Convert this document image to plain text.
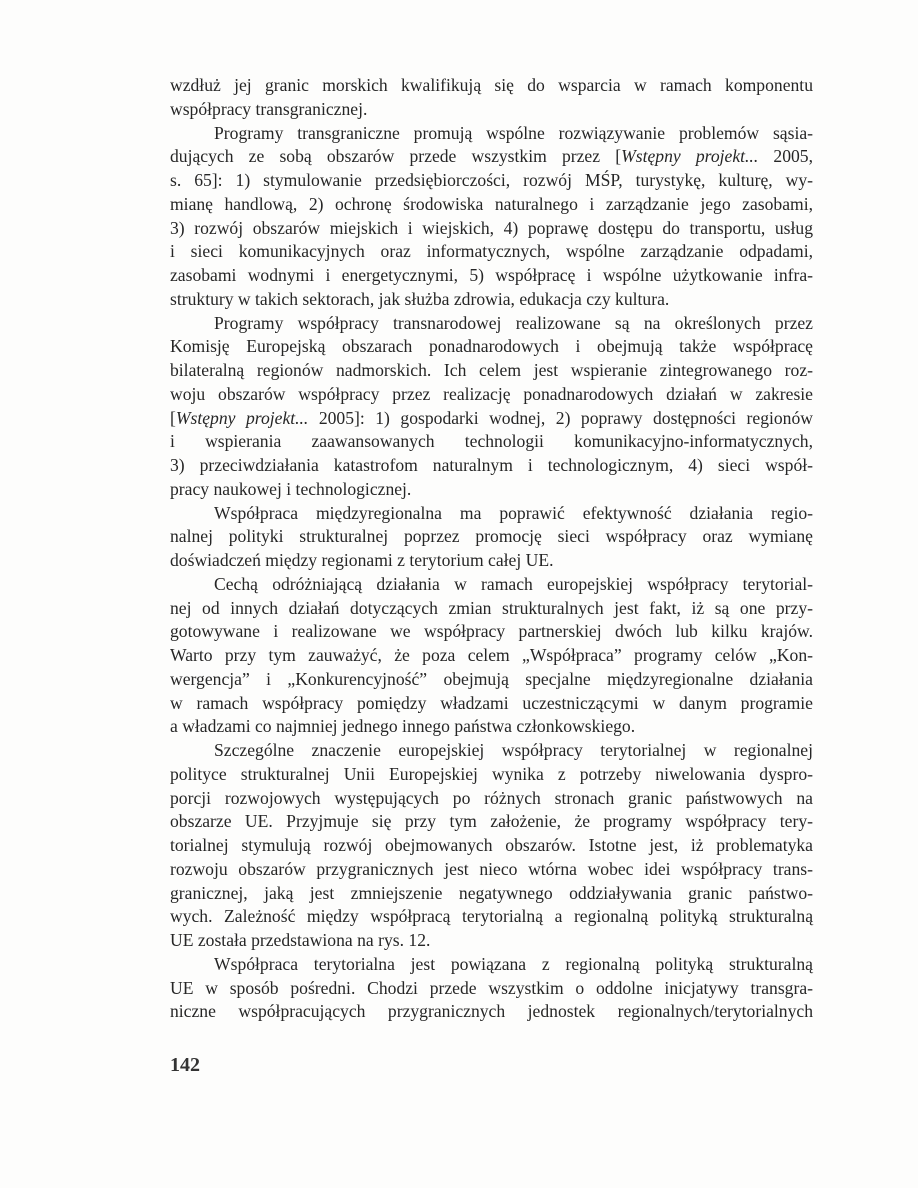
wzdłuż jej granic morskich kwalifikują się do wsparcia w ramach komponentu
współpracy transgranicznej.
Programy transgraniczne promują wspólne rozwiązywanie problemów sąsia-
dujących ze sobą obszarów przede wszystkim przez [Wstępny projekt... 2005,
s. 65]: 1) stymulowanie przedsiębiorczości, rozwój MŚP, turystykę, kulturę, wy-
mianę handlową, 2) ochronę środowiska naturalnego i zarządzanie jego zasobami,
3) rozwój obszarów miejskich i wiejskich, 4) poprawę dostępu do transportu, usług
i sieci komunikacyjnych oraz informatycznych, wspólne zarządzanie odpadami,
zasobami wodnymi i energetycznymi, 5) współpracę i wspólne użytkowanie infra-
struktury w takich sektorach, jak służba zdrowia, edukacja czy kultura.
Programy współpracy transnarodowej realizowane są na określonych przez
Komisję Europejską obszarach ponadnarodowych i obejmują także współpracę
bilateralną regionów nadmorskich. Ich celem jest wspieranie zintegrowanego roz-
woju obszarów współpracy przez realizację ponadnarodowych działań w zakresie
[Wstępny projekt... 2005]: 1) gospodarki wodnej, 2) poprawy dostępności regionów
i wspierania zaawansowanych technologii komunikacyjno-informatycznych,
3) przeciwdziałania katastrofom naturalnym i technologicznym, 4) sieci współ-
pracy naukowej i technologicznej.
Współpraca międzyregionalna ma poprawić efektywność działania regio-
nalnej polityki strukturalnej poprzez promocję sieci współpracy oraz wymianę
doświadczeń między regionami z terytorium całej UE.
Cechą odróżniającą działania w ramach europejskiej współpracy terytorial-
nej od innych działań dotyczących zmian strukturalnych jest fakt, iż są one przy-
gotowywane i realizowane we współpracy partnerskiej dwóch lub kilku krajów.
Warto przy tym zauważyć, że poza celem „Współpraca” programy celów „Kon-
wergencja” i „Konkurencyjność” obejmują specjalne międzyregionalne działania
w ramach współpracy pomiędzy władzami uczestniczącymi w danym programie
a władzami co najmniej jednego innego państwa członkowskiego.
Szczególne znaczenie europejskiej współpracy terytorialnej w regionalnej
polityce strukturalnej Unii Europejskiej wynika z potrzeby niwelowania dyspro-
porcji rozwojowych występujących po różnych stronach granic państwowych na
obszarze UE. Przyjmuje się przy tym założenie, że programy współpracy tery-
torialnej stymulują rozwój obejmowanych obszarów. Istotne jest, iż problematyka
rozwoju obszarów przygranicznych jest nieco wtórna wobec idei współpracy trans-
granicznej, jaką jest zmniejszenie negatywnego oddziaływania granic państwo-
wych. Zależność między współpracą terytorialną a regionalną polityką strukturalną
UE została przedstawiona na rys. 12.
Współpraca terytorialna jest powiązana z regionalną polityką strukturalną
UE w sposób pośredni. Chodzi przede wszystkim o oddolne inicjatywy transgra-
niczne współpracujących przygranicznych jednostek regionalnych/terytorialnych
142
